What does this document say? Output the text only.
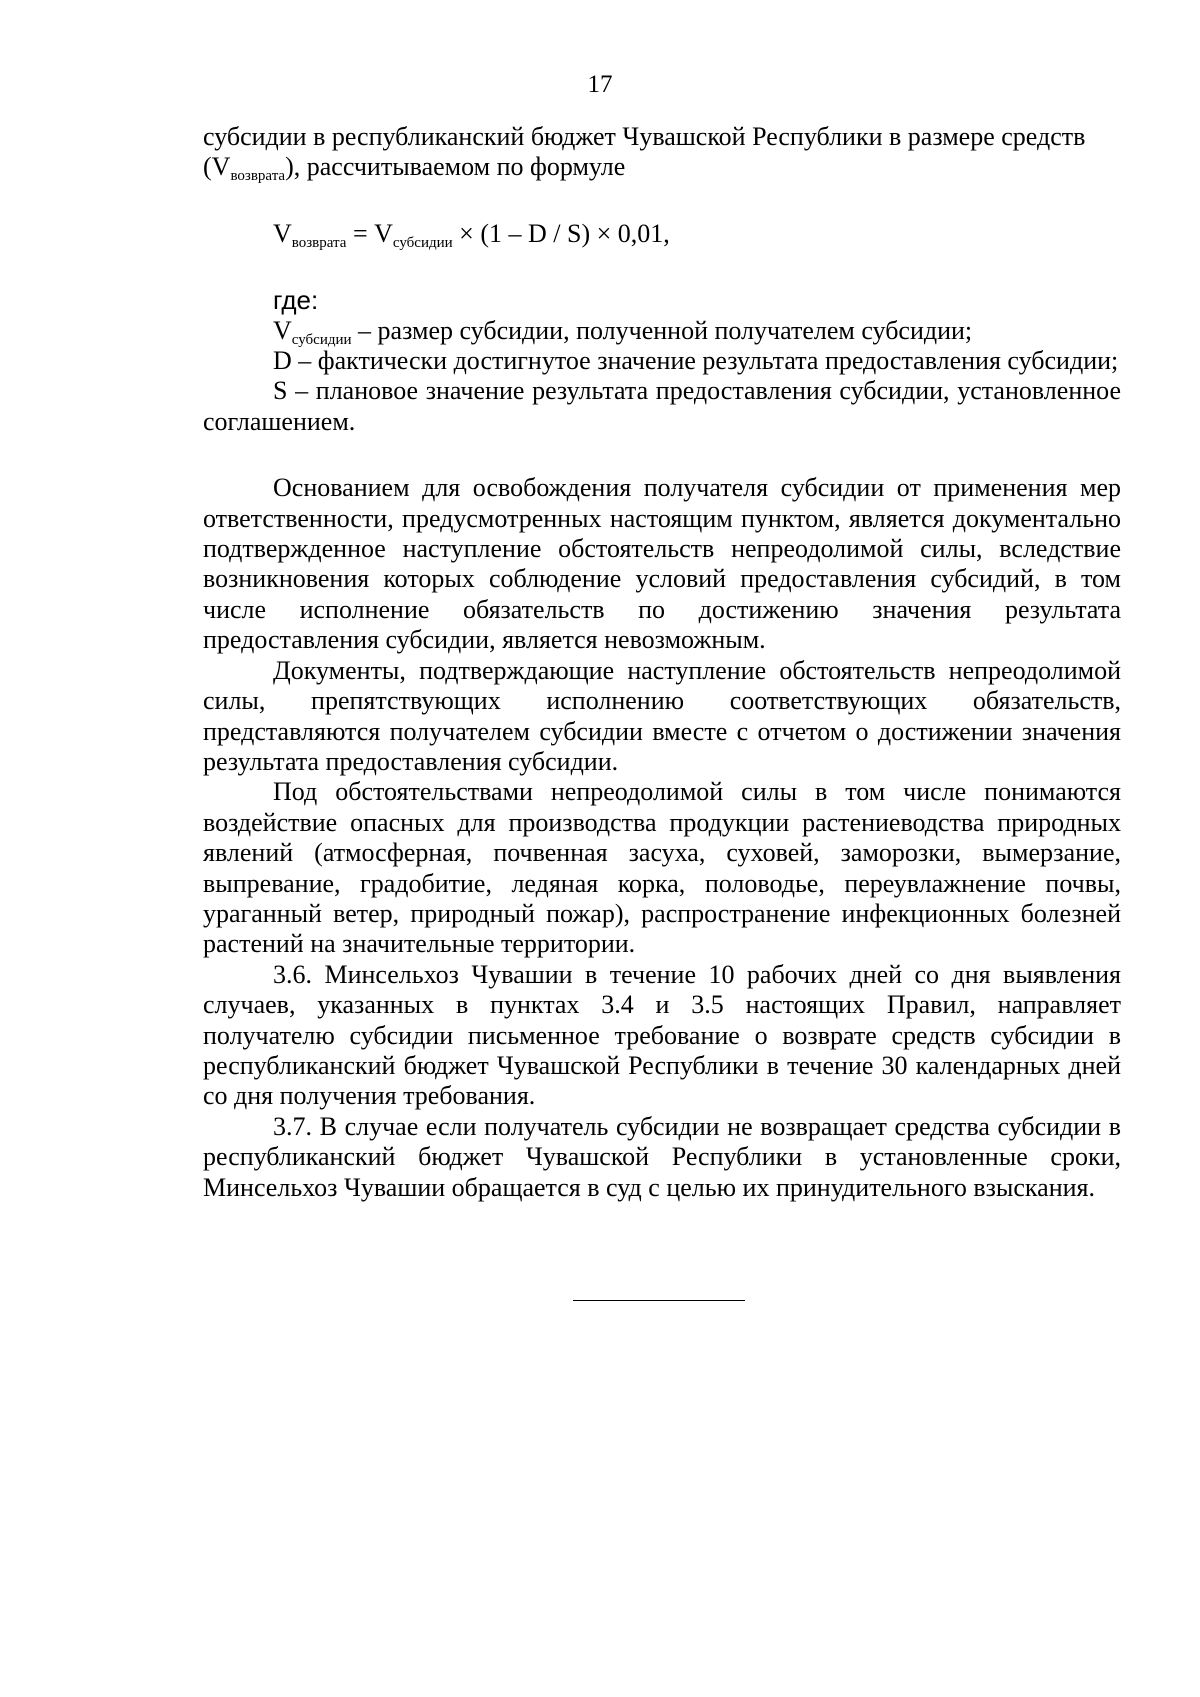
17

субсидии в республиканский бюджет Чувашской Республики в размере средств
$(V_{возврата})$, рассчитываемом по формуле

$V_{возврата} = V_{субсидии} \times (1 - D / S) \times 0,01$,

где:

$V_{субсидии}$ – размер субсидии, полученной получателем субсидии;

D – фактически достигнутое значение результата предоставления субсидии;

S – плановое значение результата предоставления субсидии, установленное соглашением.

Основанием для освобождения получателя субсидии от применения мер ответственности, предусмотренных настоящим пунктом, является документально подтвержденное наступление обстоятельств непреодолимой силы, вследствие возникновения которых соблюдение условий предоставления субсидий, в том числе исполнение обязательств по достижению значения результата предоставления субсидии, является невозможным.

Документы, подтверждающие наступление обстоятельств непреодолимой силы, препятствующих исполнению соответствующих обязательств, представляются получателем субсидии вместе с отчетом о достижении значения результата предоставления субсидии.

Под обстоятельствами непреодолимой силы в том числе понимаются воздействие опасных для производства продукции растениеводства природных явлений (атмосферная, почвенная засуха, суховей, заморозки, вымерзание, выпревание, градобитие, ледяная корка, половодье, переувлажнение почвы, ураганный ветер, природный пожар), распространение инфекционных болезней растений на значительные территории.

3.6. Минсельхоз Чувашии в течение 10 рабочих дней со дня выявления случаев, указанных в пунктах 3.4 и 3.5 настоящих Правил, направляет получателю субсидии письменное требование о возврате средств субсидии в республиканский бюджет Чувашской Республики в течение 30 календарных дней со дня получения требования.

3.7. В случае если получатель субсидии не возвращает средства субсидии в республиканский бюджет Чувашской Республики в установленные сроки, Минсельхоз Чувашии обращается в суд с целью их принудительного взыскания.
